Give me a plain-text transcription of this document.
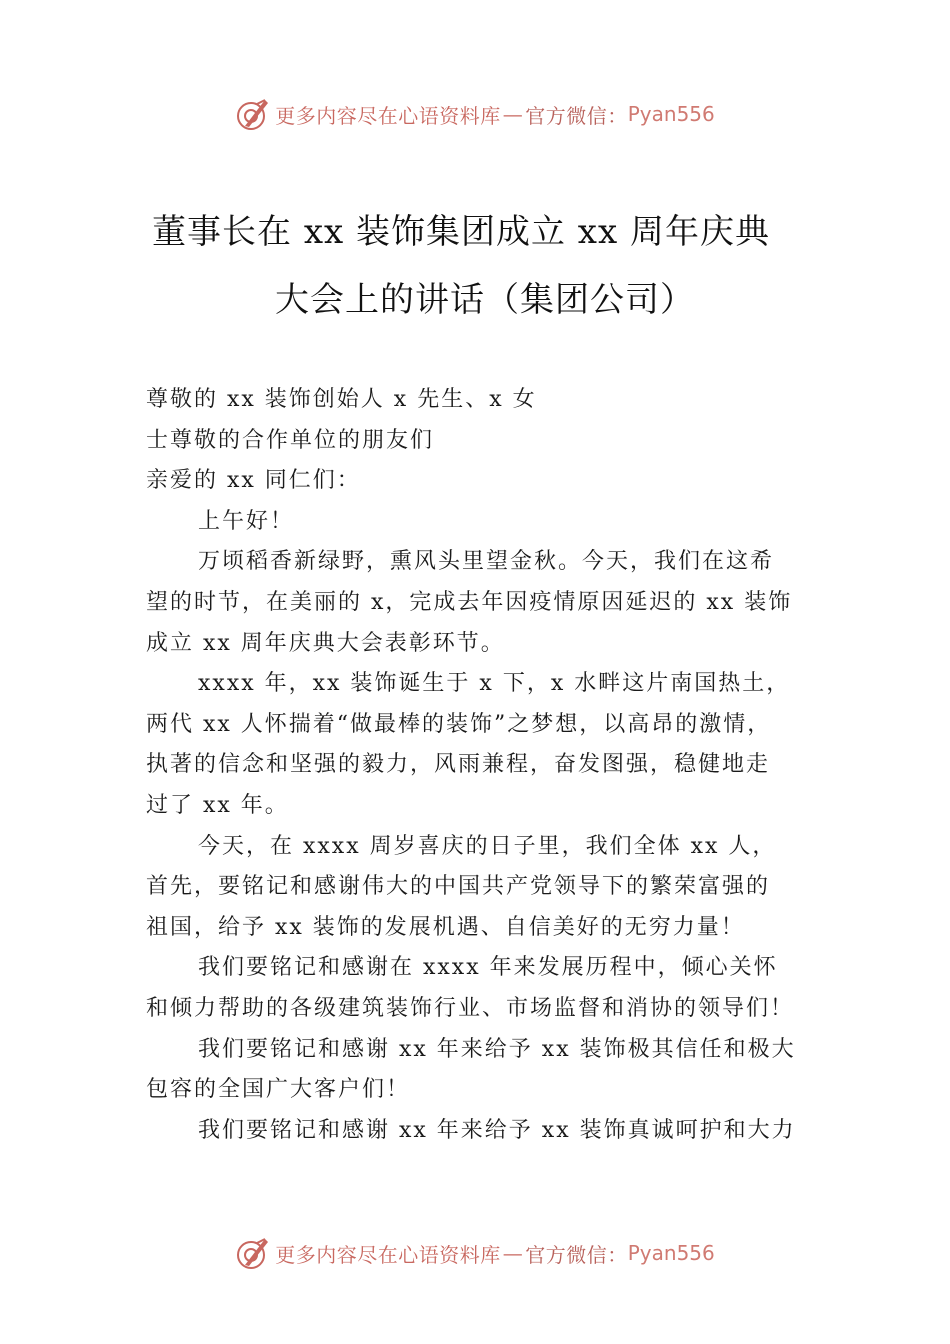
更多内容尽在心语资料库 — 官方微信： Pyan556
董事长在 xx 装饰集团成立 xx 周年庆典
大会上的讲话（集团公司）
尊敬的 xx 装饰创始人 x 先生、x 女
士尊敬的合作单位的朋友们
亲爱的 xx 同仁们：
上午好！
万顷稻香新绿野，熏风头里望金秋。今天，我们在这希
望的时节，在美丽的 x，完成去年因疫情原因延迟的 xx 装饰
成立 xx 周年庆典大会表彰环节。
xxxx 年，xx 装饰诞生于 x 下，x 水畔这片南国热土，
两代 xx 人怀揣着“做最棒的装饰”之梦想，以高昂的激情，
执著的信念和坚强的毅力，风雨兼程，奋发图强，稳健地走
过了 xx 年。
今天，在 xxxx 周岁喜庆的日子里，我们全体 xx 人，
首先，要铭记和感谢伟大的中国共产党领导下的繁荣富强的
祖国，给予 xx 装饰的发展机遇、自信美好的无穷力量！
我们要铭记和感谢在 xxxx 年来发展历程中，倾心关怀
和倾力帮助的各级建筑装饰行业、市场监督和消协的领导们！
我们要铭记和感谢 xx 年来给予 xx 装饰极其信任和极大
包容的全国广大客户们！
我们要铭记和感谢 xx 年来给予 xx 装饰真诚呵护和大力
更多内容尽在心语资料库 — 官方微信： Pyan556
